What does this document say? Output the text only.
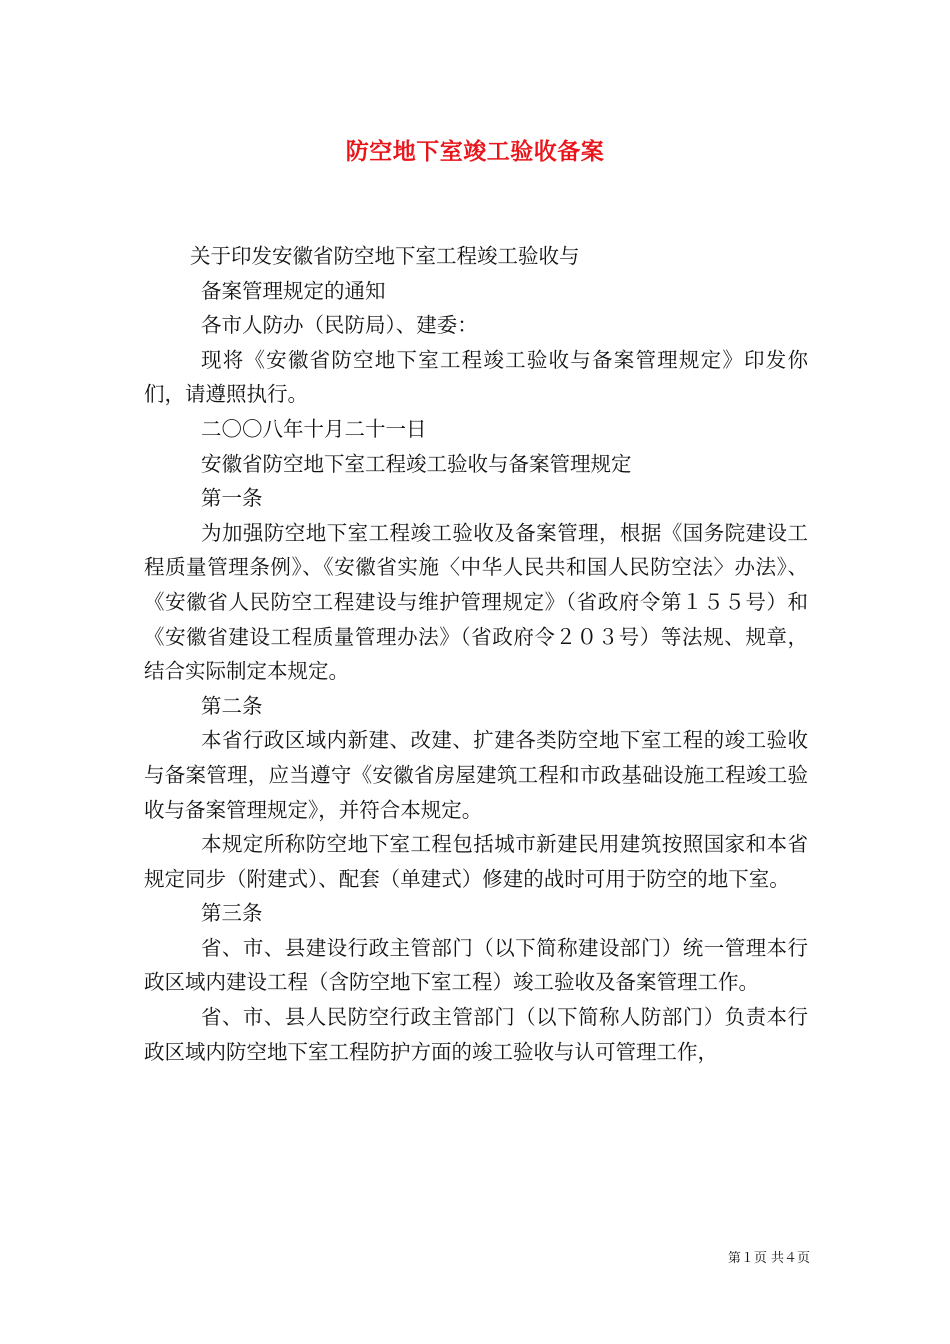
防空地下室竣工验收备案

关于印发安徽省防空地下室工程竣工验收与

备案管理规定的通知

各市人防办（民防局）、建委：

现将《安徽省防空地下室工程竣工验收与备案管理规定》印发你们，请遵照执行。

二〇〇八年十月二十一日

安徽省防空地下室工程竣工验收与备案管理规定

第一条

为加强防空地下室工程竣工验收及备案管理，根据《国务院建设工程质量管理条例》、《安徽省实施〈中华人民共和国人民防空法〉办法》、《安徽省人民防空工程建设与维护管理规定》（省政府令第１５５号）和《安徽省建设工程质量管理办法》（省政府令２０３号）等法规、规章，结合实际制定本规定。

第二条

本省行政区域内新建、改建、扩建各类防空地下室工程的竣工验收与备案管理，应当遵守《安徽省房屋建筑工程和市政基础设施工程竣工验收与备案管理规定》，并符合本规定。

本规定所称防空地下室工程包括城市新建民用建筑按照国家和本省规定同步（附建式）、配套（单建式）修建的战时可用于防空的地下室。

第三条

省、市、县建设行政主管部门（以下简称建设部门）统一管理本行政区域内建设工程（含防空地下室工程）竣工验收及备案管理工作。

省、市、县人民防空行政主管部门（以下简称人防部门）负责本行政区域内防空地下室工程防护方面的竣工验收与认可管理工作，

第１页 共４页
